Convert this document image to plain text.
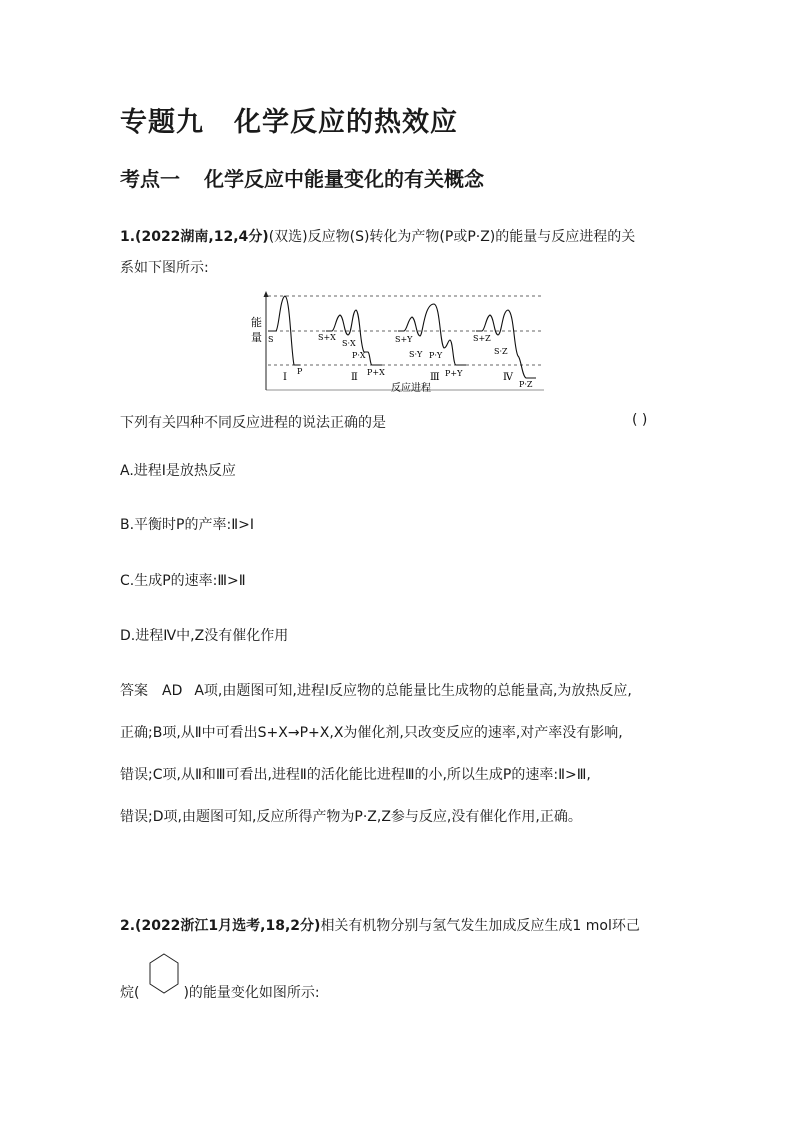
专题九 化学反应的热效应
考点一 化学反应中能量变化的有关概念
1.(2022湖南,12,4分)(双选)反应物(S)转化为产物(P或P·Z)的能量与反应进程的关
系如下图所示:
能
量
反应进程
Ⅰ	Ⅱ	Ⅲ	Ⅳ
S
P
S+X
S·X
P·X
P+X
S+Y
S·Y P·Y
P+Y
S+Z
S·Z
P·Z
下列有关四种不同反应进程的说法正确的是	( )
A.进程Ⅰ是放热反应
B.平衡时P的产率:Ⅱ>Ⅰ
C.生成P的速率:Ⅲ>Ⅱ
D.进程Ⅳ中,Z没有催化作用
答案 AD A项,由题图可知,进程Ⅰ反应物的总能量比生成物的总能量高,为放热反应,
正确;B项,从Ⅱ中可看出S+X→P+X,X为催化剂,只改变反应的速率,对产率没有影响,
错误;C项,从Ⅱ和Ⅲ可看出,进程Ⅱ的活化能比进程Ⅲ的小,所以生成P的速率:Ⅱ>Ⅲ,
错误;D项,由题图可知,反应所得产物为P·Z,Z参与反应,没有催化作用,正确。
2.(2022浙江1月选考,18,2分)相关有机物分别与氢气发生加成反应生成1 mol环己
烷(	)的能量变化如图所示:
